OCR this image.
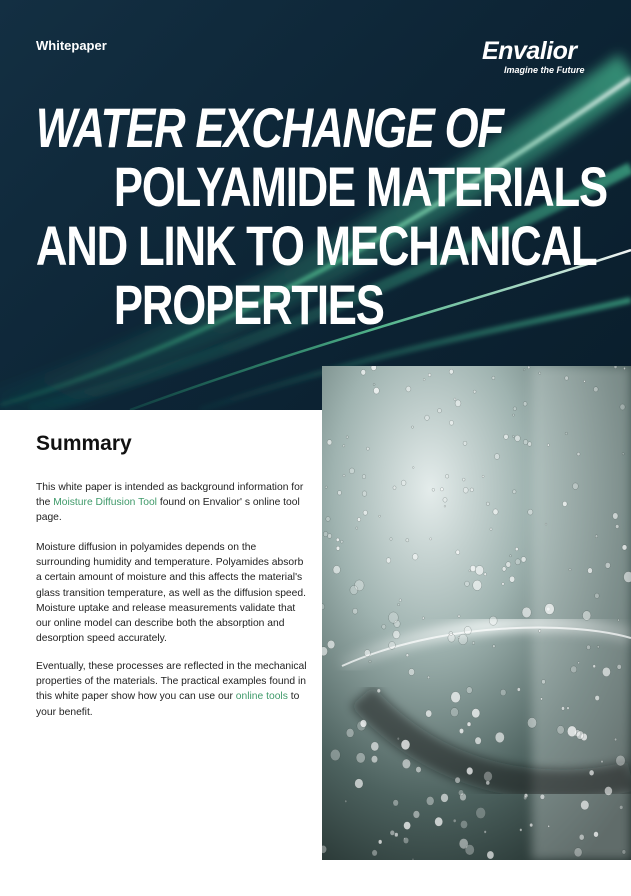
Whitepaper	Envalior
Imagine the Future
WATER EXCHANGE OF
POLYAMIDE MATERIALS
AND LINK TO MECHANICAL
PROPERTIES
Summary

This white paper is intended as background information for the Moisture Diffusion Tool found on Envalior' s online tool page.

Moisture diffusion in polyamides depends on the surrounding humidity and temperature. Polyamides absorb a certain amount of moisture and this affects the material's glass transition temperature, as well as the diffusion speed. Moisture uptake and release measurements validate that our online model can describe both the absorption and desorption speed accurately.

Eventually, these processes are reflected in the mechanical properties of the materials. The practical examples found in this white paper show how you can use our online tools to your benefit.
